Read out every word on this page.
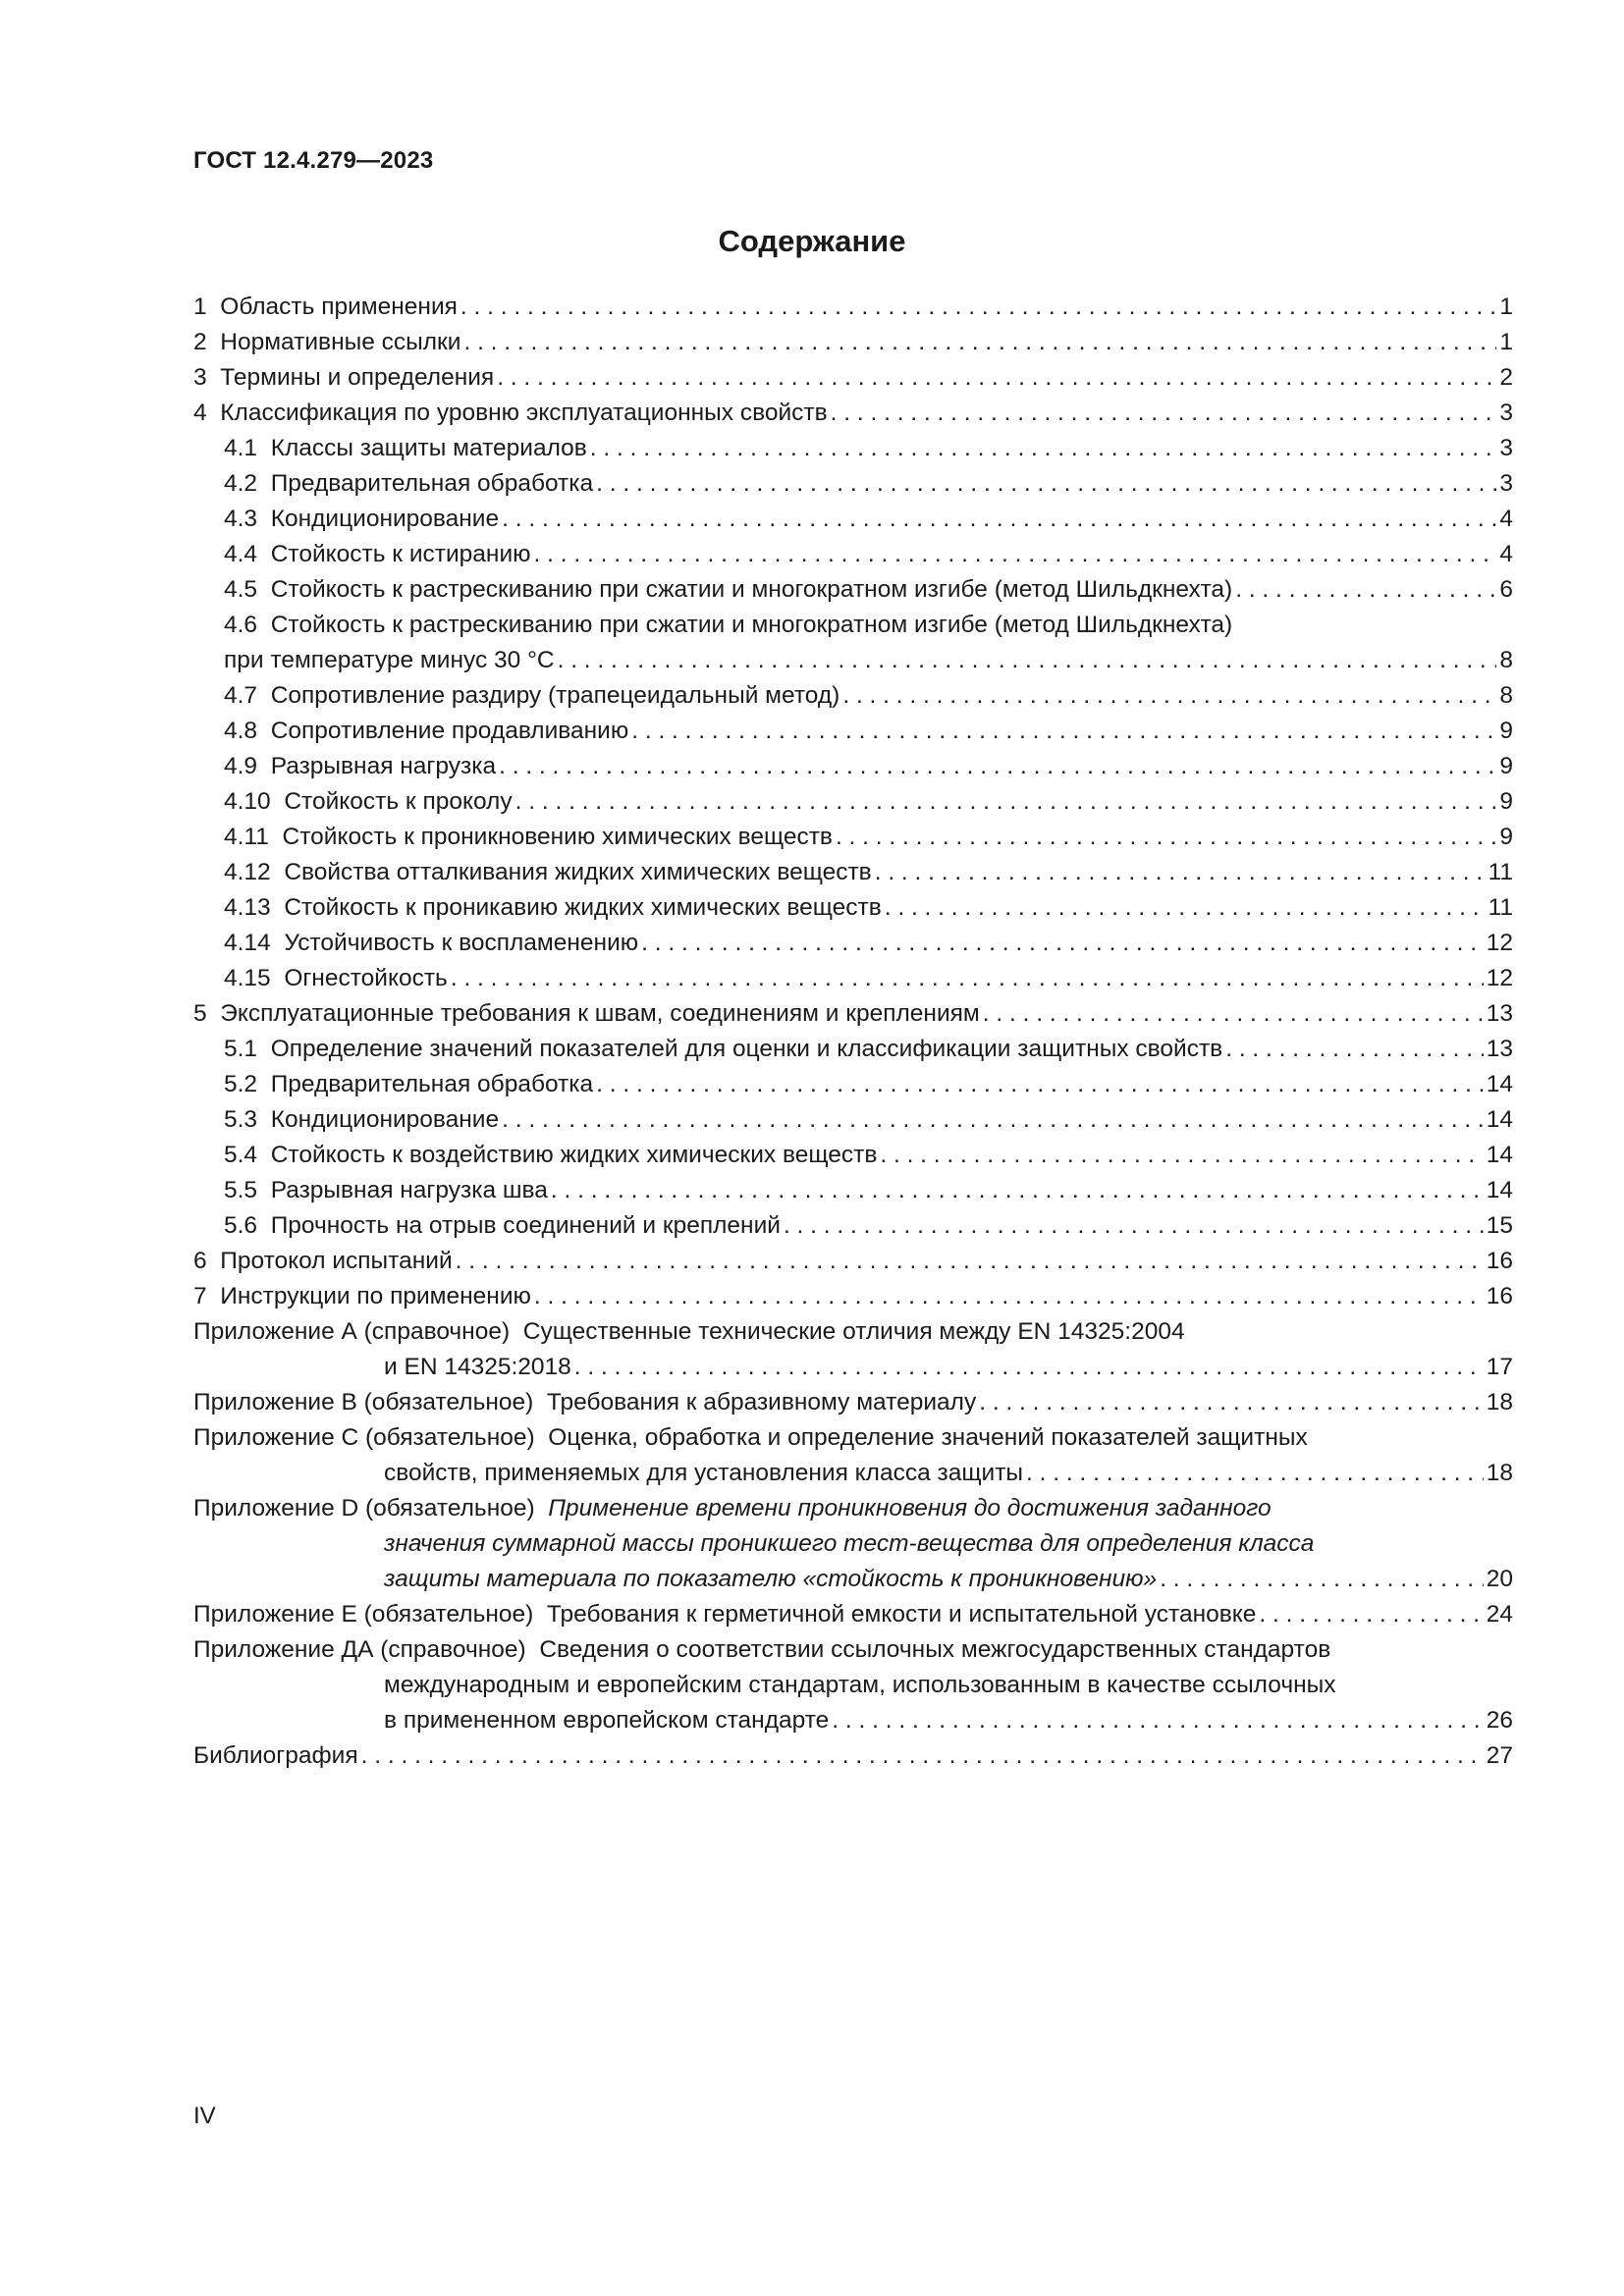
ГОСТ 12.4.279—2023
Содержание
1 Область применения . . .	1
2 Нормативные ссылки . . .	1
3 Термины и определения . . .	2
4 Классификация по уровню эксплуатационных свойств . . .	3
4.1 Классы защиты материалов . . .	3
4.2 Предварительная обработка . . .	3
4.3 Кондиционирование . . .	4
4.4 Стойкость к истиранию . . .	4
4.5 Стойкость к растрескиванию при сжатии и многократном изгибе (метод Шильдкнехта) . . .	6
4.6 Стойкость к растрескиванию при сжатии и многократном изгибе (метод Шильдкнехта)
при температуре минус 30 °С . . .	8
4.7 Сопротивление раздиру (трапецеидальный метод) . . .	8
4.8 Сопротивление продавливанию . . .	9
4.9 Разрывная нагрузка . . .	9
4.10 Стойкость к проколу . . .	9
4.11 Стойкость к проникновению химических веществ . . .	9
4.12 Свойства отталкивания жидких химических веществ . . .	11
4.13 Стойкость к проникавию жидких химических веществ . . .	11
4.14 Устойчивость к воспламенению . . .	12
4.15 Огнестойкость . . .	12
5 Эксплуатационные требования к швам, соединениям и креплениям . . .	13
5.1 Определение значений показателей для оценки и классификации защитных свойств . . .	13
5.2 Предварительная обработка . . .	14
5.3 Кондиционирование . . .	14
5.4 Стойкость к воздействию жидких химических веществ . . .	14
5.5 Разрывная нагрузка шва . . .	14
5.6 Прочность на отрыв соединений и креплений . . .	15
6 Протокол испытаний . . .	16
7 Инструкции по применению . . .	16
Приложение А (справочное) Существенные технические отличия между EN 14325:2004
и EN 14325:2018 . . .	17
Приложение В (обязательное) Требования к абразивному материалу . . .	18
Приложение С (обязательное) Оценка, обработка и определение значений показателей защитных
свойств, применяемых для установления класса защиты . . .	18
Приложение D (обязательное) Применение времени проникновения до достижения заданного
значения суммарной массы проникшего тест-вещества для определения класса
защиты материала по показателю «стойкость к проникновению» . . .	20
Приложение E (обязательное) Требования к герметичной емкости и испытательной установке . . .	24
Приложение ДА (справочное) Сведения о соответствии ссылочных межгосударственных стандартов
международным и европейским стандартам, использованным в качестве ссылочных
в примененном европейском стандарте . . .	26
Библиография . . .	27
IV
